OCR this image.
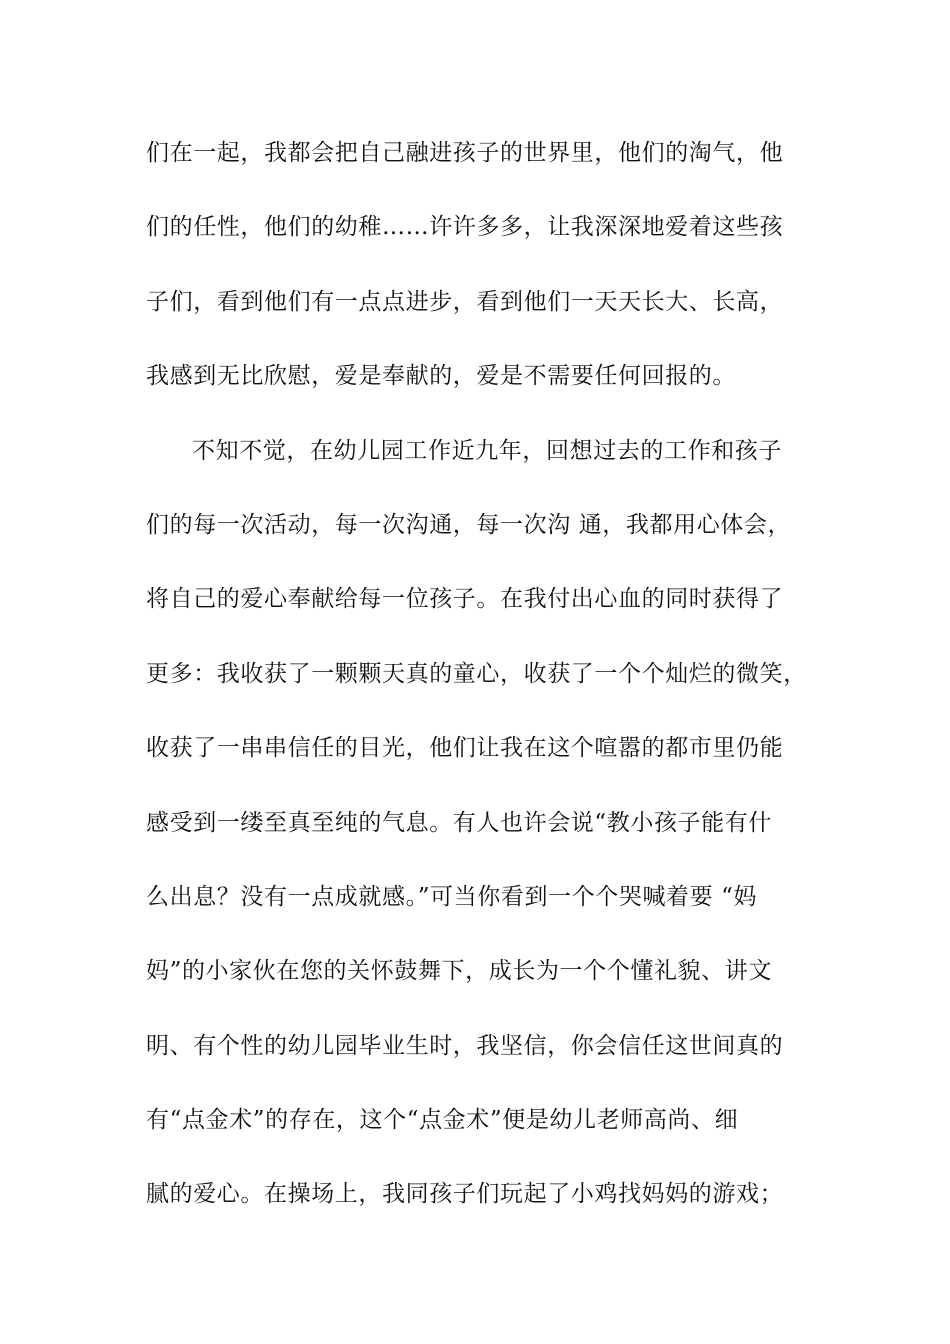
们在一起，我都会把自己融进孩子的世界里，他们的淘气，他
们的任性，他们的幼稚……许许多多，让我深深地爱着这些孩
子们，看到他们有一点点进步，看到他们一天天长大、长高，
我感到无比欣慰，爱是奉献的，爱是不需要任何回报的。
不知不觉，在幼儿园工作近九年，回想过去的工作和孩子
们的每一次活动，每一次沟通，每一次沟 通，我都用心体会，
将自己的爱心奉献给每一位孩子。在我付出心血的同时获得了
更多：我收获了一颗颗天真的童心，收获了一个个灿烂的微笑，
收获了一串串信任的目光，他们让我在这个喧嚣的都市里仍能
感受到一缕至真至纯的气息。有人也许会说“教小孩子能有什
么出息？没有一点成就感。”可当你看到一个个哭喊着要 “妈
妈”的小家伙在您的关怀鼓舞下，成长为一个个懂礼貌、讲文
明、有个性的幼儿园毕业生时，我坚信，你会信任这世间真的
有“点金术”的存在，这个“点金术”便是幼儿老师高尚、细
腻的爱心。在操场上，我同孩子们玩起了小鸡找妈妈的游戏；
